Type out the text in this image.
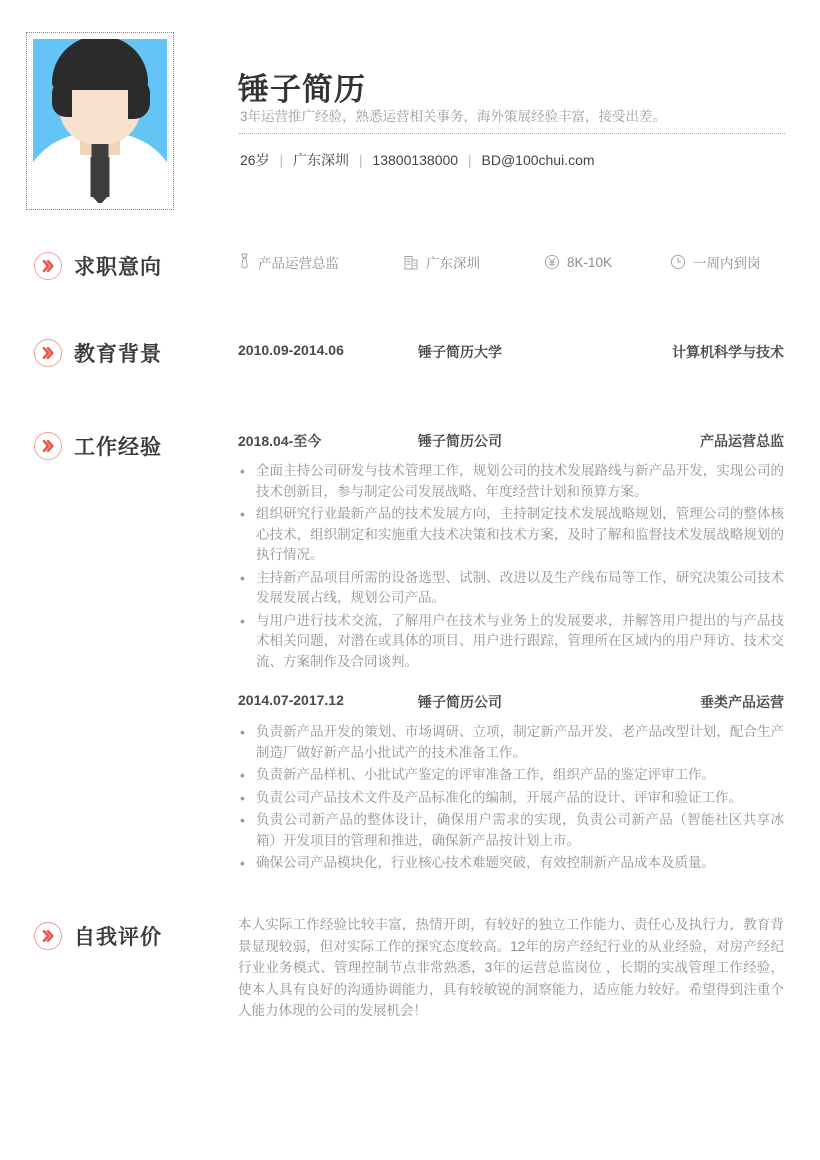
锤子简历
3年运营推广经验，熟悉运营相关事务，海外策展经验丰富，接受出差。
26岁 | 广东深圳 | 13800138000 | BD@100chui.com
求职意向	产品运营总监	广东深圳	8K-10K	一周内到岗
教育背景	2010.09-2014.06	锤子简历大学	计算机科学与技术
工作经验	2018.04-至今	锤子简历公司	产品运营总监
• 全面主持公司研发与技术管理工作，规划公司的技术发展路线与新产品开发，实现公司的技术创新目，参与制定公司发展战略、年度经营计划和预算方案。
• 组织研究行业最新产品的技术发展方向，主持制定技术发展战略规划，管理公司的整体核心技术，组织制定和实施重大技术决策和技术方案，及时了解和监督技术发展战略规划的执行情况。
• 主持新产品项目所需的设备选型、试制、改进以及生产线布局等工作，研究决策公司技术发展发展占线，规划公司产品。
• 与用户进行技术交流，了解用户在技术与业务上的发展要求，并解答用户提出的与产品技术相关问题，对潜在或具体的项目、用户进行跟踪，管理所在区域内的用户拜访、技术交流、方案制作及合同谈判。
2014.07-2017.12	锤子简历公司	垂类产品运营
• 负责新产品开发的策划、市场调研、立项，制定新产品开发、老产品改型计划，配合生产制造厂做好新产品小批试产的技术准备工作。
• 负责新产品样机、小批试产鉴定的评审准备工作，组织产品的鉴定评审工作。
• 负责公司产品技术文件及产品标准化的编制，开展产品的设计、评审和验证工作。
• 负责公司新产品的整体设计，确保用户需求的实现，负责公司新产品（智能社区共享冰箱）开发项目的管理和推进，确保新产品按计划上市。
• 确保公司产品模块化，行业核心技术难题突破，有效控制新产品成本及质量。
自我评价
本人实际工作经验比较丰富，热情开朗，有较好的独立工作能力、责任心及执行力，教育背景显现较弱，但对实际工作的探究态度较高。12年的房产经纪行业的从业经验，对房产经纪行业业务模式、管理控制节点非常熟悉，3年的运营总监岗位 ，长期的实战管理工作经验，使本人具有良好的沟通协调能力，具有较敏锐的洞察能力，适应能力较好。希望得到注重个人能力体现的公司的发展机会！
